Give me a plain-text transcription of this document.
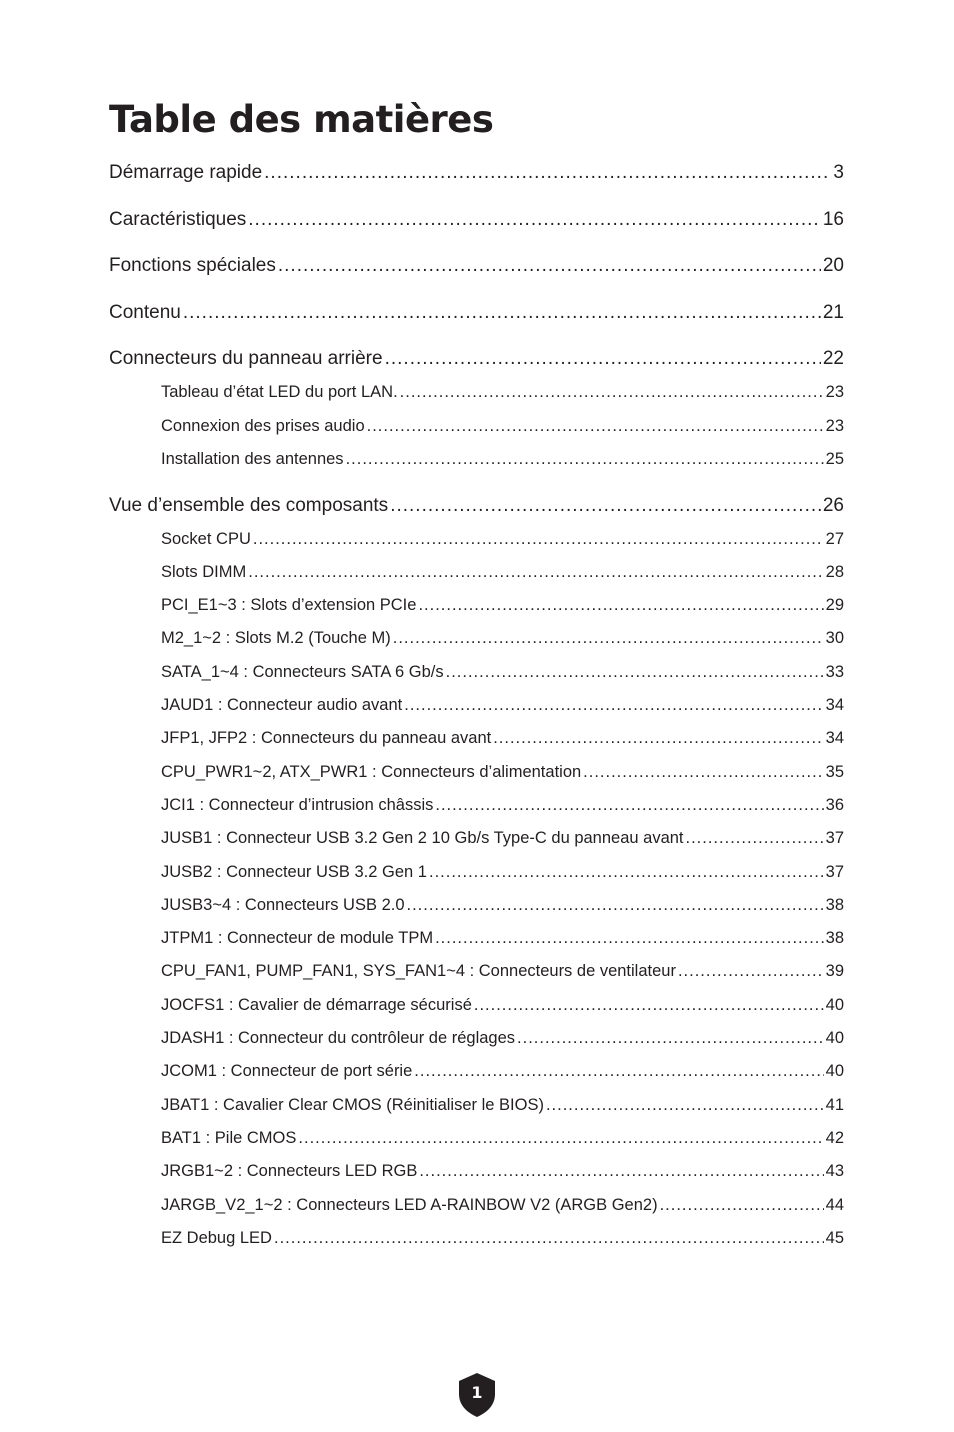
Table des matières
Démarrage rapide .....	3
Caractéristiques .....	16
Fonctions spéciales .....	20
Contenu .....	21
Connecteurs du panneau arrière .....	22
Tableau d’état LED du port LAN. .....	23
Connexion des prises audio .....	23
Installation des antennes .....	25
Vue d’ensemble des composants .....	26
Socket CPU .....	27
Slots DIMM .....	28
PCI_E1~3 : Slots d’extension PCIe .....	29
M2_1~2 : Slots M.2 (Touche M) .....	30
SATA_1~4 : Connecteurs SATA 6 Gb/s .....	33
JAUD1 : Connecteur audio avant .....	34
JFP1, JFP2 : Connecteurs du panneau avant .....	34
CPU_PWR1~2, ATX_PWR1 : Connecteurs d’alimentation .....	35
JCI1 : Connecteur d’intrusion châssis .....	36
JUSB1 : Connecteur USB 3.2 Gen 2 10 Gb/s Type-C du panneau avant .....	37
JUSB2 : Connecteur USB 3.2 Gen 1 .....	37
JUSB3~4 : Connecteurs USB 2.0 .....	38
JTPM1 : Connecteur de module TPM .....	38
CPU_FAN1, PUMP_FAN1, SYS_FAN1~4 : Connecteurs de ventilateur .....	39
JOCFS1 : Cavalier de démarrage sécurisé .....	40
JDASH1 : Connecteur du contrôleur de réglages .....	40
JCOM1 : Connecteur de port série .....	40
JBAT1 : Cavalier Clear CMOS (Réinitialiser le BIOS) .....	41
BAT1 : Pile CMOS .....	42
JRGB1~2 : Connecteurs LED RGB .....	43
JARGB_V2_1~2 : Connecteurs LED A-RAINBOW V2 (ARGB Gen2) .....	44
EZ Debug LED .....	45
1
